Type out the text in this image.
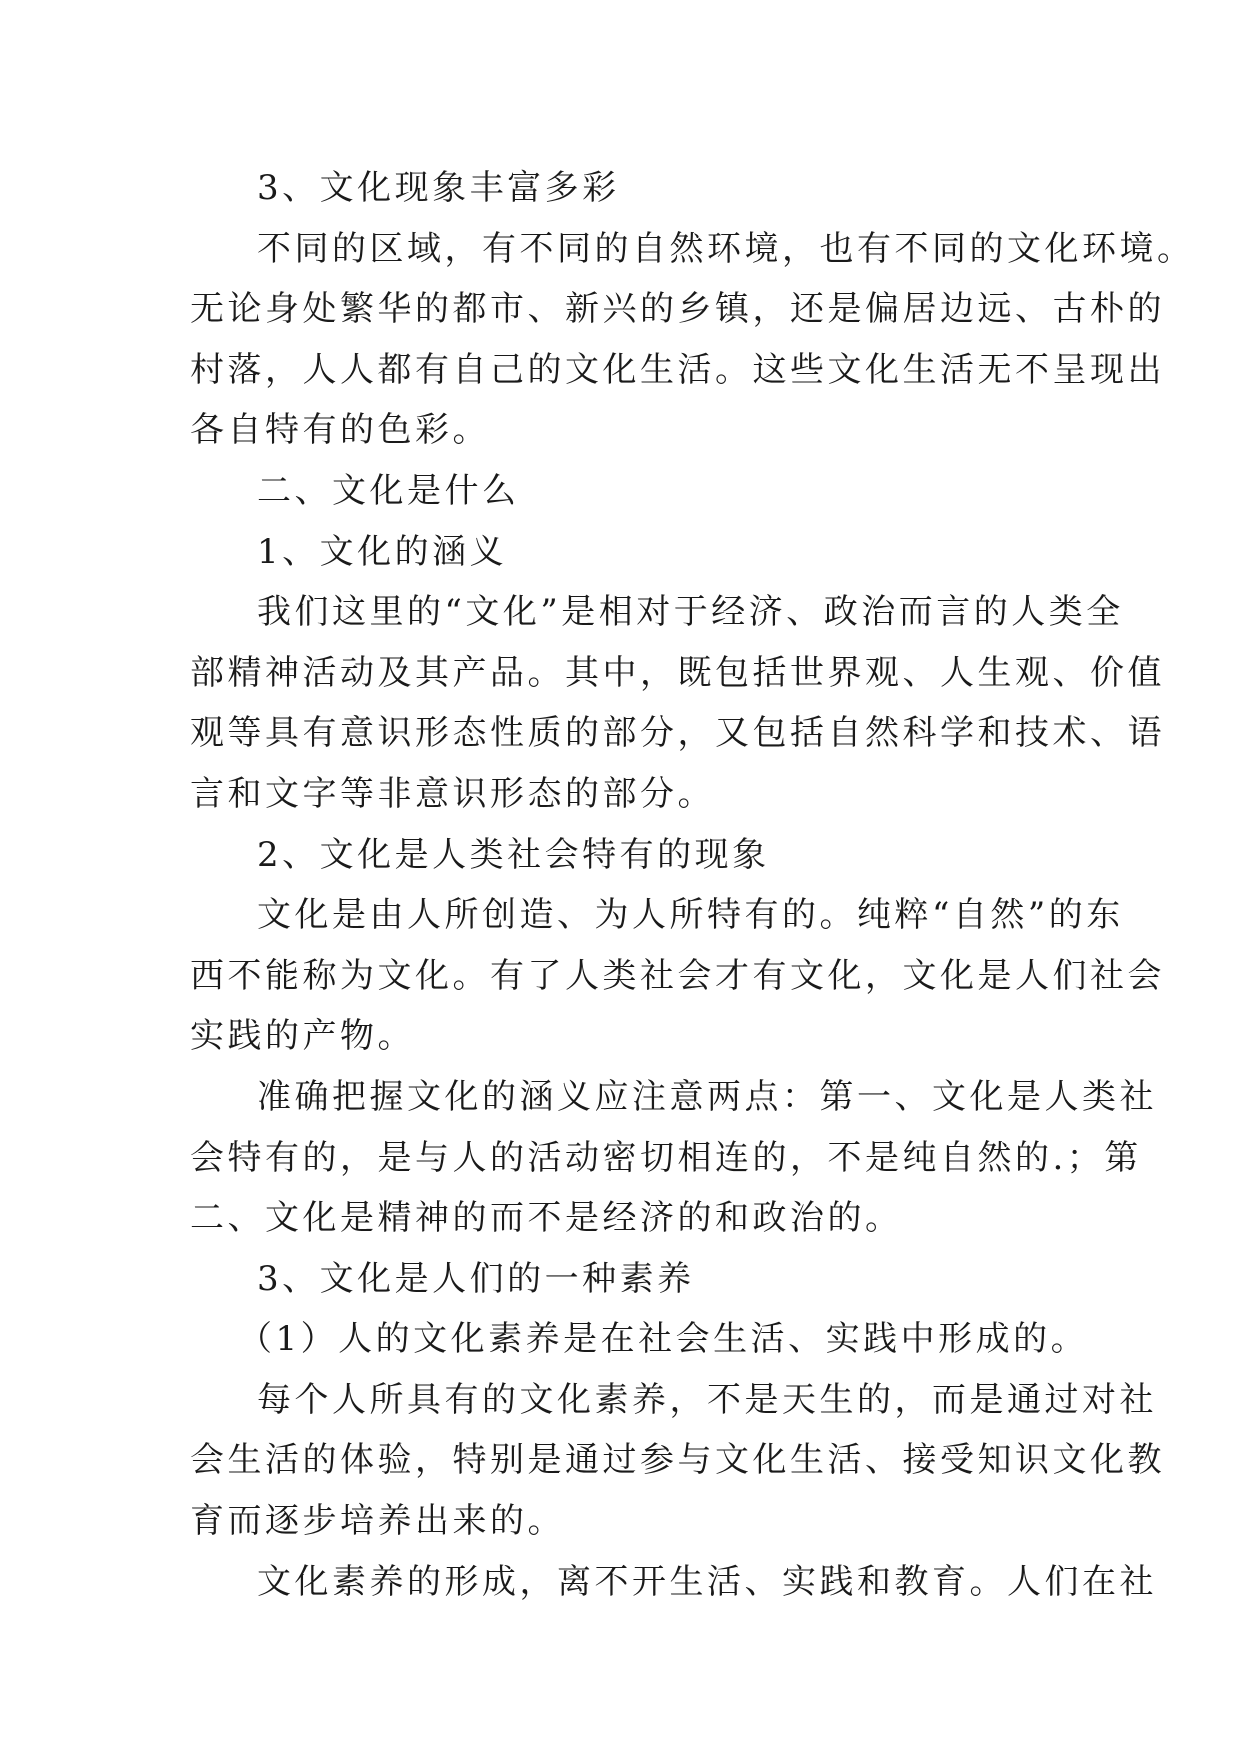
3、文化现象丰富多彩
不同的区域，有不同的自然环境，也有不同的文化环境。
无论身处繁华的都市、新兴的乡镇，还是偏居边远、古朴的
村落，人人都有自己的文化生活。这些文化生活无不呈现出
各自特有的色彩。
二、文化是什么
1、文化的涵义
我们这里的“文化”是相对于经济、政治而言的人类全
部精神活动及其产品。其中，既包括世界观、人生观、价值
观等具有意识形态性质的部分，又包括自然科学和技术、语
言和文字等非意识形态的部分。
2、文化是人类社会特有的现象
文化是由人所创造、为人所特有的。纯粹“自然”的东
西不能称为文化。有了人类社会才有文化，文化是人们社会
实践的产物。
准确把握文化的涵义应注意两点：第一、文化是人类社
会特有的，是与人的活动密切相连的，不是纯自然的.；第
二、文化是精神的而不是经济的和政治的。
3、文化是人们的一种素养
（1）人的文化素养是在社会生活、实践中形成的。
每个人所具有的文化素养，不是天生的，而是通过对社
会生活的体验，特别是通过参与文化生活、接受知识文化教
育而逐步培养出来的。
文化素养的形成，离不开生活、实践和教育。人们在社
